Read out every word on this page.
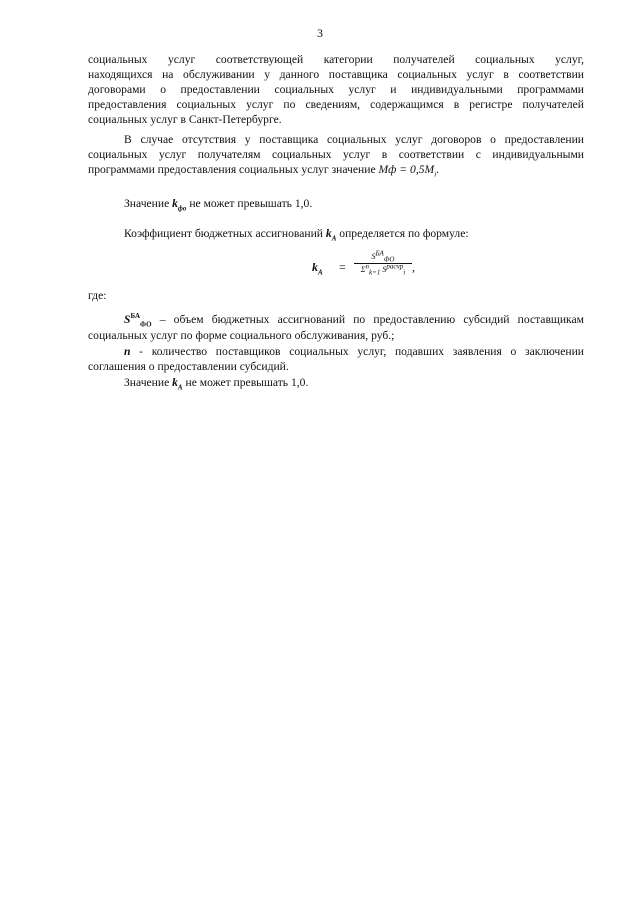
3
социальных услуг соответствующей категории получателей социальных услуг,
находящихся на обслуживании у данного поставщика социальных услуг в соответствии
договорами о предоставлении социальных услуг и индивидуальными программами
предоставления социальных услуг по сведениям, содержащимся в регистре получателей
социальных услуг в Санкт-Петербурге.
В случае отсутствия у поставщика социальных услуг договоров о предоставлении
социальных услуг получателям социальных услуг в соответствии с индивидуальными
программами предоставления социальных услуг значение Мф = $0,5M_i$.
Значение $k_{фо}$ не может превышать 1,0.
Коэффициент бюджетных ассигнований $k_А$ определяется по формуле:
$k_А$ =
$S^{БА}_{ФО}$
$\Sigma^n_{k=1}$ $S^{расчр}_i$ ,
где:
$S^{БА}_{ФО}$ – объем бюджетных ассигнований по предоставлению субсидий поставщикам
социальных услуг по форме социального обслуживания, руб.;
n - количество поставщиков социальных услуг, подавших заявления о заключении
соглашения о предоставлении субсидий.
Значение $k_А$ не может превышать 1,0.
